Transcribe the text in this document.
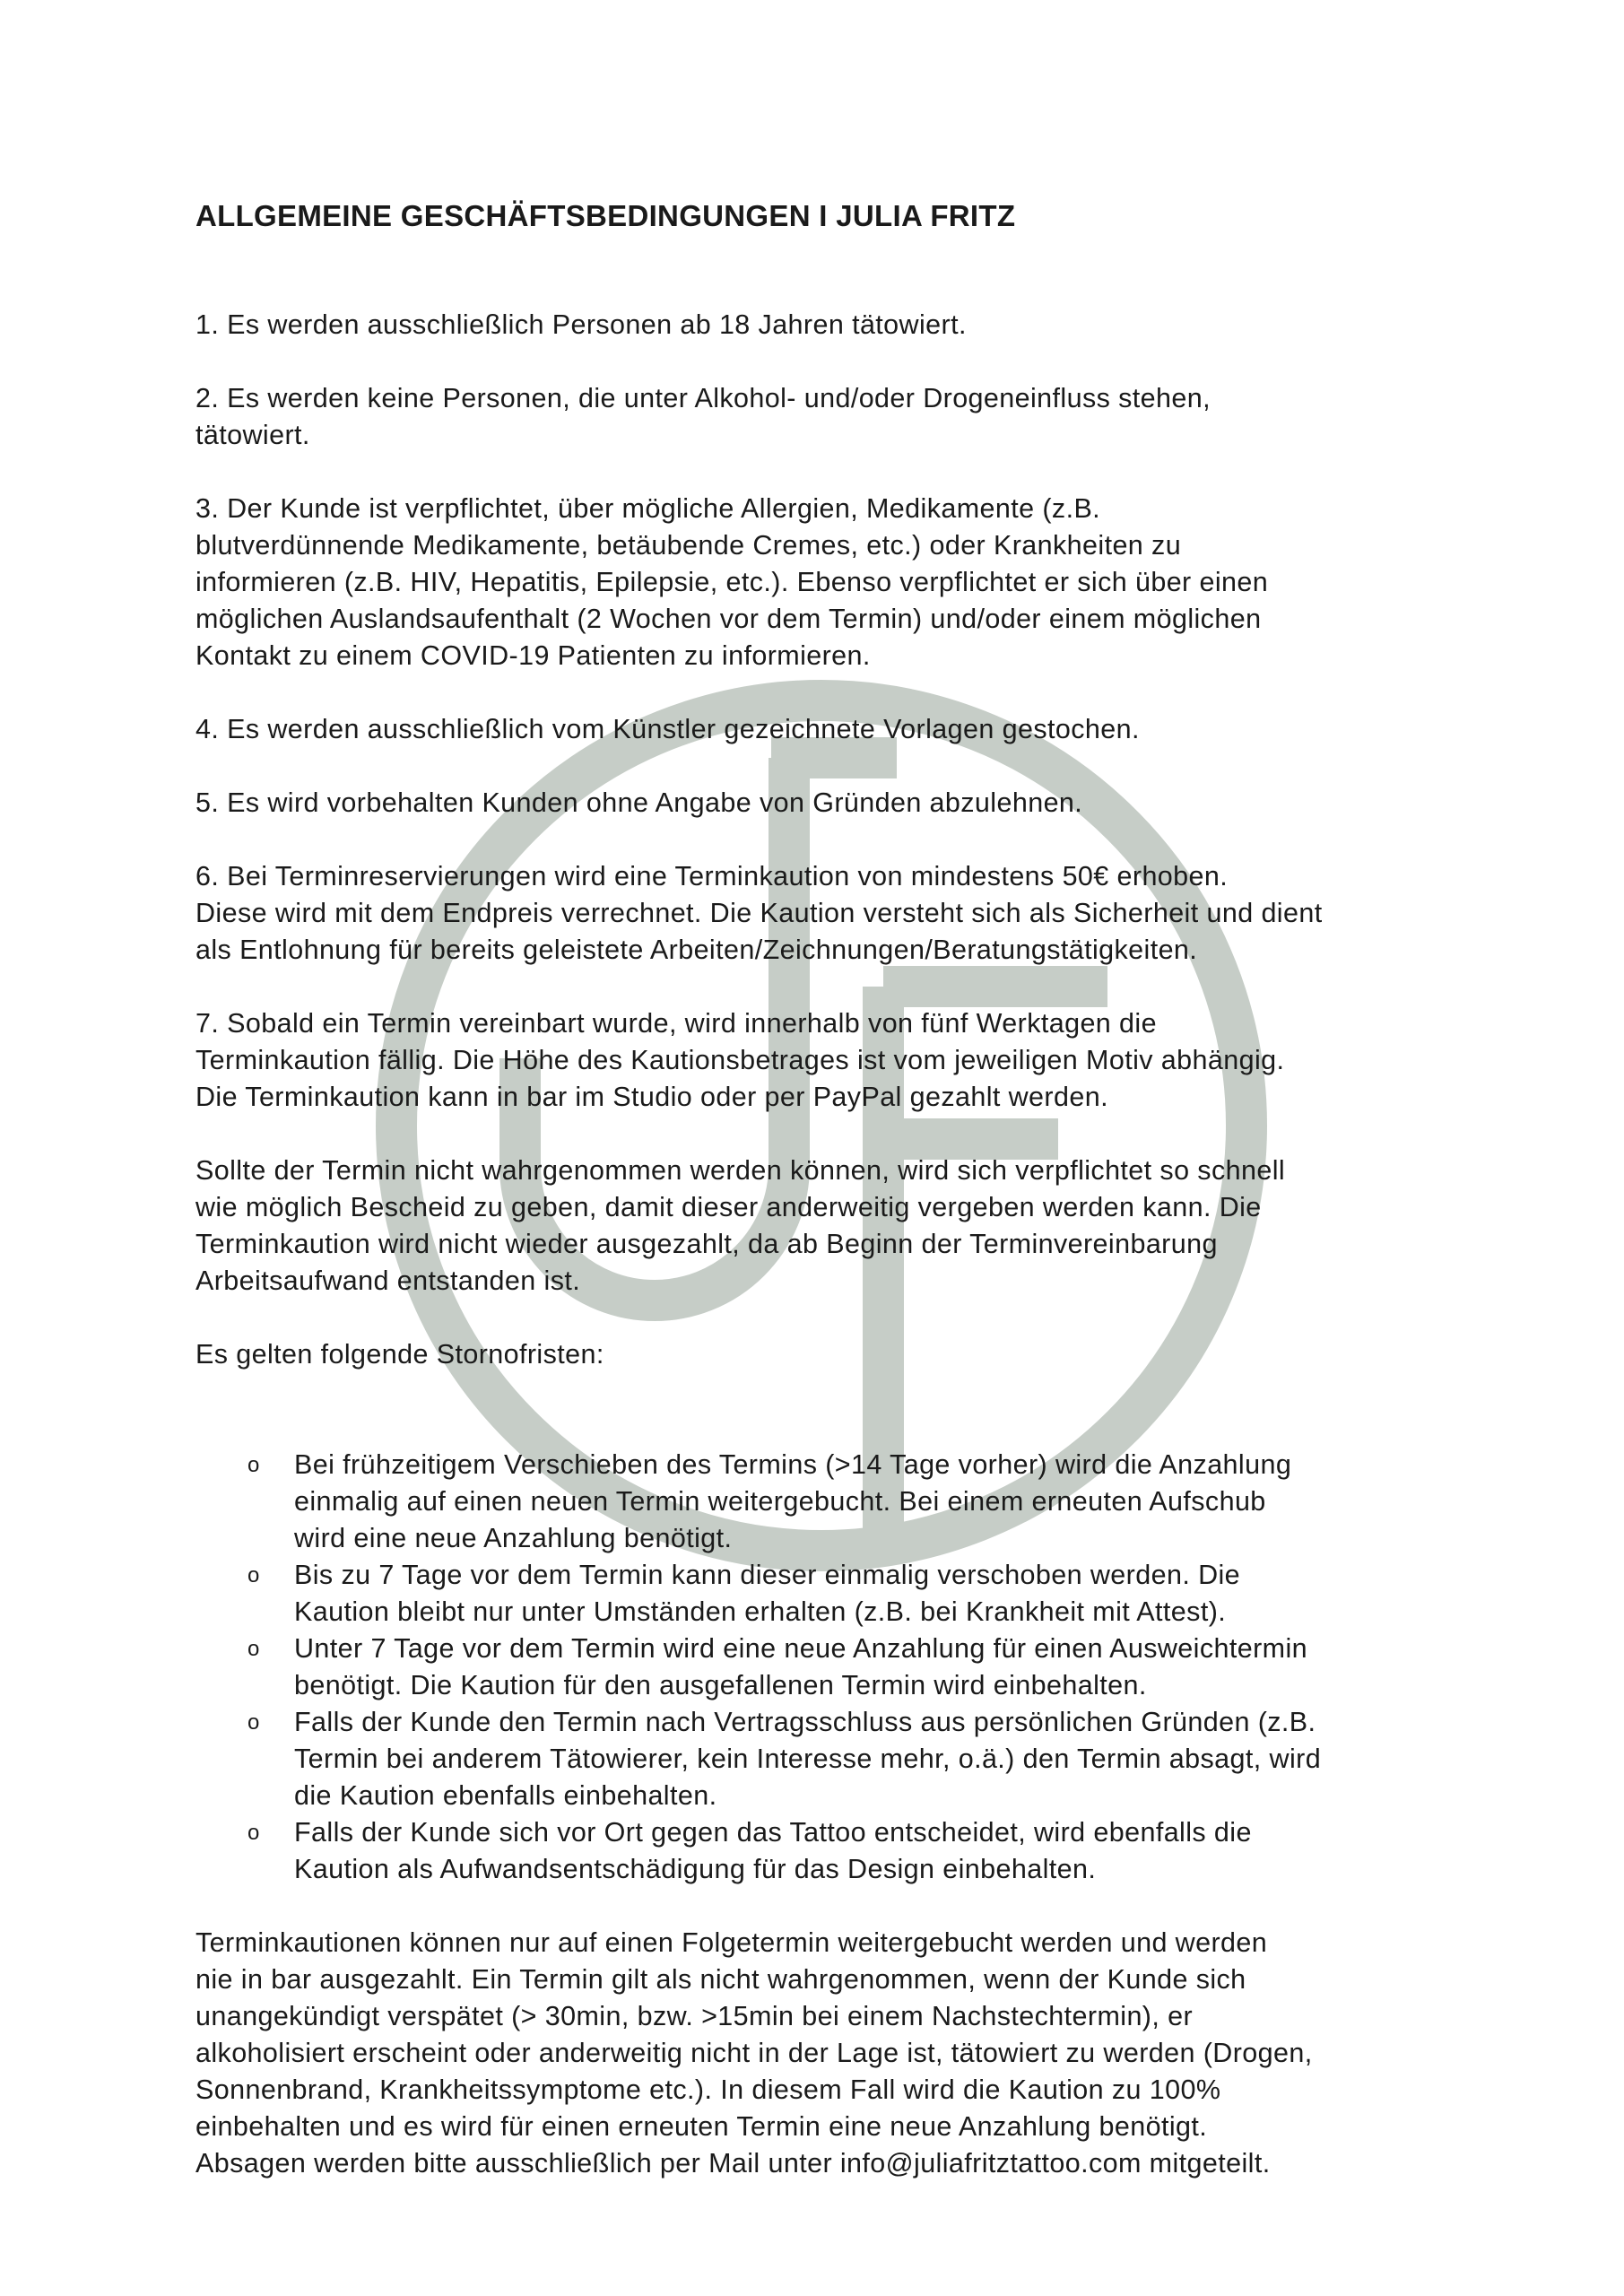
ALLGEMEINE GESCHÄFTSBEDINGUNGEN I JULIA FRITZ
1. Es werden ausschließlich Personen ab 18 Jahren tätowiert.
2. Es werden keine Personen, die unter Alkohol- und/oder Drogeneinfluss stehen,
tätowiert.
3. Der Kunde ist verpflichtet, über mögliche Allergien, Medikamente (z.B.
blutverdünnende Medikamente, betäubende Cremes, etc.) oder Krankheiten zu
informieren (z.B. HIV, Hepatitis, Epilepsie, etc.). Ebenso verpflichtet er sich über einen
möglichen Auslandsaufenthalt (2 Wochen vor dem Termin) und/oder einem möglichen
Kontakt zu einem COVID-19 Patienten zu informieren.
4. Es werden ausschließlich vom Künstler gezeichnete Vorlagen gestochen.
5. Es wird vorbehalten Kunden ohne Angabe von Gründen abzulehnen.
6. Bei Terminreservierungen wird eine Terminkaution von mindestens 50€ erhoben.
Diese wird mit dem Endpreis verrechnet. Die Kaution versteht sich als Sicherheit und dient
als Entlohnung für bereits geleistete Arbeiten/Zeichnungen/Beratungstätigkeiten.
7. Sobald ein Termin vereinbart wurde, wird innerhalb von fünf Werktagen die
Terminkaution fällig. Die Höhe des Kautionsbetrages ist vom jeweiligen Motiv abhängig.
Die Terminkaution kann in bar im Studio oder per PayPal gezahlt werden.
Sollte der Termin nicht wahrgenommen werden können, wird sich verpflichtet so schnell
wie möglich Bescheid zu geben, damit dieser anderweitig vergeben werden kann. Die
Terminkaution wird nicht wieder ausgezahlt, da ab Beginn der Terminvereinbarung
Arbeitsaufwand entstanden ist.
Es gelten folgende Stornofristen:
o Bei frühzeitigem Verschieben des Termins (>14 Tage vorher) wird die Anzahlung
einmalig auf einen neuen Termin weitergebucht. Bei einem erneuten Aufschub
wird eine neue Anzahlung benötigt.
o Bis zu 7 Tage vor dem Termin kann dieser einmalig verschoben werden. Die
Kaution bleibt nur unter Umständen erhalten (z.B. bei Krankheit mit Attest).
o Unter 7 Tage vor dem Termin wird eine neue Anzahlung für einen Ausweichtermin
benötigt. Die Kaution für den ausgefallenen Termin wird einbehalten.
o Falls der Kunde den Termin nach Vertragsschluss aus persönlichen Gründen (z.B.
Termin bei anderem Tätowierer, kein Interesse mehr, o.ä.) den Termin absagt, wird
die Kaution ebenfalls einbehalten.
o Falls der Kunde sich vor Ort gegen das Tattoo entscheidet, wird ebenfalls die
Kaution als Aufwandsentschädigung für das Design einbehalten.
Terminkautionen können nur auf einen Folgetermin weitergebucht werden und werden
nie in bar ausgezahlt. Ein Termin gilt als nicht wahrgenommen, wenn der Kunde sich
unangekündigt verspätet (> 30min, bzw. >15min bei einem Nachstechtermin), er
alkoholisiert erscheint oder anderweitig nicht in der Lage ist, tätowiert zu werden (Drogen,
Sonnenbrand, Krankheitssymptome etc.). In diesem Fall wird die Kaution zu 100%
einbehalten und es wird für einen erneuten Termin eine neue Anzahlung benötigt.
Absagen werden bitte ausschließlich per Mail unter info@juliafritztattoo.com mitgeteilt.
